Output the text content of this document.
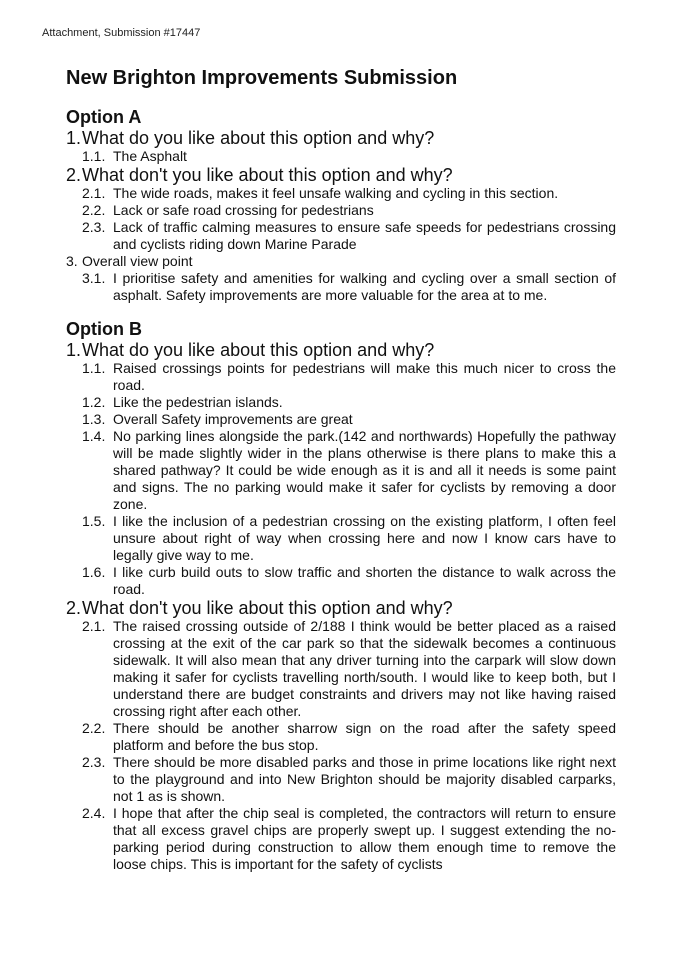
Attachment, Submission #17447
New Brighton Improvements Submission
Option A
1.What do you like about this option and why?
1.1. The Asphalt
2.What don't you like about this option and why?
2.1. The wide roads, makes it feel unsafe walking and cycling in this section.
2.2. Lack or safe road crossing for pedestrians
2.3. Lack of traffic calming measures to ensure safe speeds for pedestrians crossing and cyclists riding down Marine Parade
3. Overall view point
3.1. I prioritise safety and amenities for walking and cycling over a small section of asphalt. Safety improvements are more valuable for the area at to me.
Option B
1.What do you like about this option and why?
1.1. Raised crossings points for pedestrians will make this much nicer to cross the road.
1.2. Like the pedestrian islands.
1.3. Overall Safety improvements are great
1.4. No parking lines alongside the park.(142 and northwards) Hopefully the pathway will be made slightly wider in the plans otherwise is there plans to make this a shared pathway? It could be wide enough as it is and all it needs is some paint and signs. The no parking would make it safer for cyclists by removing a door zone.
1.5. I like the inclusion of a pedestrian crossing on the existing platform, I often feel unsure about right of way when crossing here and now I know cars have to legally give way to me.
1.6. I like curb build outs to slow traffic and shorten the distance to walk across the road.
2.What don't you like about this option and why?
2.1. The raised crossing outside of 2/188 I think would be better placed as a raised crossing at the exit of the car park so that the sidewalk becomes a continuous sidewalk. It will also mean that any driver turning into the carpark will slow down making it safer for cyclists travelling north/south. I would like to keep both, but I understand there are budget constraints and drivers may not like having raised crossing right after each other.
2.2. There should be another sharrow sign on the road after the safety speed platform and before the bus stop.
2.3. There should be more disabled parks and those in prime locations like right next to the playground and into New Brighton should be majority disabled carparks, not 1 as is shown.
2.4. I hope that after the chip seal is completed, the contractors will return to ensure that all excess gravel chips are properly swept up. I suggest extending the no-parking period during construction to allow them enough time to remove the loose chips. This is important for the safety of cyclists
